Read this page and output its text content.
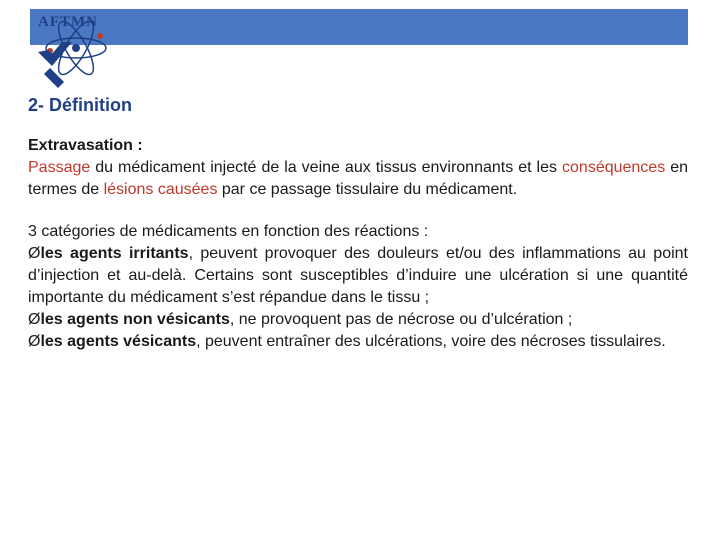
AFTMN
2- Définition

Extravasation :
Passage du médicament injecté de la veine aux tissus environnants et les conséquences en termes de lésions causées par ce passage tissulaire du médicament.

3 catégories de médicaments en fonction des réactions :

Øles agents irritants, peuvent provoquer des douleurs et/ou des inflammations au point d’injection et au-delà. Certains sont susceptibles d’induire une ulcération si une quantité importante du médicament s’est répandue dans le tissu ;

Øles agents non vésicants, ne provoquent pas de nécrose ou d’ulcération ;

Øles agents vésicants, peuvent entraîner des ulcérations, voire des nécroses tissulaires.
